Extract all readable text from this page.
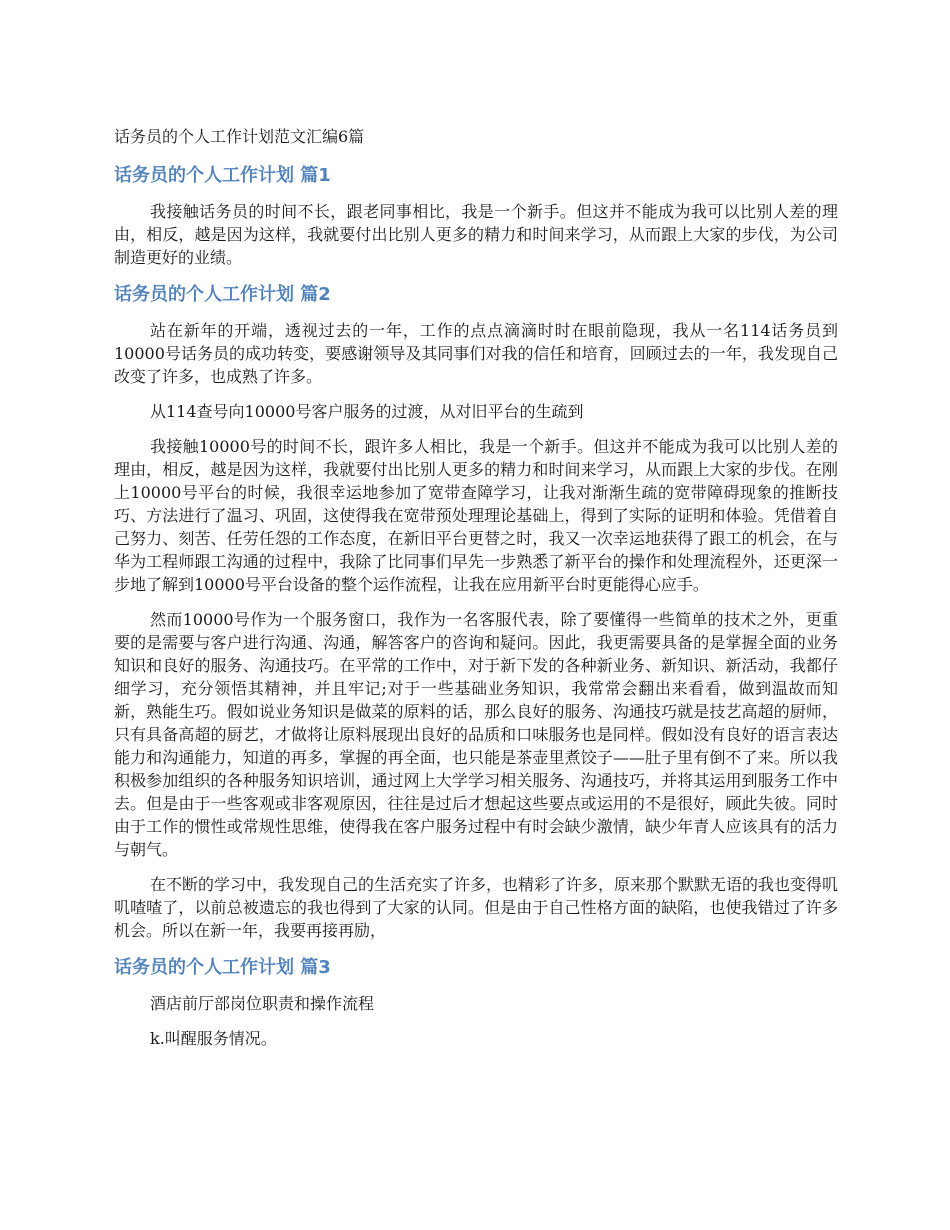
话务员的个人工作计划范文汇编6篇
话务员的个人工作计划 篇1

我接触话务员的时间不长，跟老同事相比，我是一个新手。但这并不能成为我可以比别人差的理由，相反，越是因为这样，我就要付出比别人更多的精力和时间来学习，从而跟上大家的步伐，为公司制造更好的业绩。

话务员的个人工作计划 篇2

站在新年的开端，透视过去的一年，工作的点点滴滴时时在眼前隐现，我从一名114话务员到10000号话务员的成功转变，要感谢领导及其同事们对我的信任和培育，回顾过去的一年，我发现自己改变了许多，也成熟了许多。

从114查号向10000号客户服务的过渡，从对旧平台的生疏到

我接触10000号的时间不长，跟许多人相比，我是一个新手。但这并不能成为我可以比别人差的理由，相反，越是因为这样，我就要付出比别人更多的精力和时间来学习，从而跟上大家的步伐。在刚上10000号平台的时候，我很幸运地参加了宽带查障学习，让我对渐渐生疏的宽带障碍现象的推断技巧、方法进行了温习、巩固，这使得我在宽带预处理理论基础上，得到了实际的证明和体验。凭借着自己努力、刻苦、任劳任怨的工作态度，在新旧平台更替之时，我又一次幸运地获得了跟工的机会，在与华为工程师跟工沟通的过程中，我除了比同事们早先一步熟悉了新平台的操作和处理流程外，还更深一步地了解到10000号平台设备的整个运作流程，让我在应用新平台时更能得心应手。

然而10000号作为一个服务窗口，我作为一名客服代表，除了要懂得一些简单的技术之外，更重要的是需要与客户进行沟通、沟通，解答客户的咨询和疑问。因此，我更需要具备的是掌握全面的业务知识和良好的服务、沟通技巧。在平常的工作中，对于新下发的各种新业务、新知识、新活动，我都仔细学习，充分领悟其精神，并且牢记;对于一些基础业务知识，我常常会翻出来看看，做到温故而知新，熟能生巧。假如说业务知识是做菜的原料的话，那么良好的服务、沟通技巧就是技艺高超的厨师，只有具备高超的厨艺，才做将让原料展现出良好的品质和口味服务也是同样。假如没有良好的语言表达能力和沟通能力，知道的再多，掌握的再全面，也只能是茶壶里煮饺子——肚子里有倒不了来。所以我积极参加组织的各种服务知识培训，通过网上大学学习相关服务、沟通技巧，并将其运用到服务工作中去。但是由于一些客观或非客观原因，往往是过后才想起这些要点或运用的不是很好，顾此失彼。同时由于工作的惯性或常规性思维，使得我在客户服务过程中有时会缺少激情，缺少年青人应该具有的活力与朝气。

在不断的学习中，我发现自己的生活充实了许多，也精彩了许多，原来那个默默无语的我也变得叽叽喳喳了，以前总被遗忘的我也得到了大家的认同。但是由于自己性格方面的缺陷，也使我错过了许多机会。所以在新一年，我要再接再励，

话务员的个人工作计划 篇3

酒店前厅部岗位职责和操作流程

k.叫醒服务情况。
